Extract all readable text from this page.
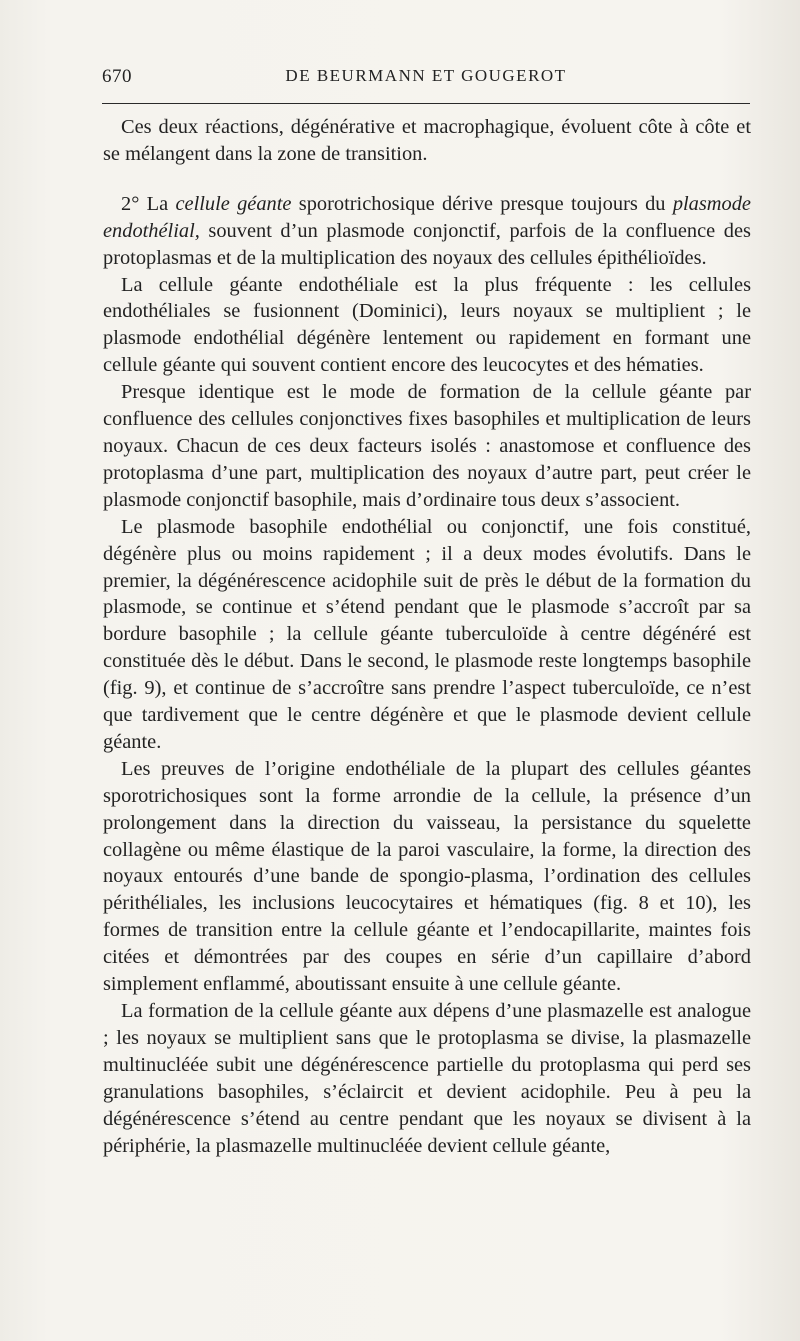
670	DE BEURMANN ET GOUGEROT

Ces deux réactions, dégénérative et macrophagique, évoluent côte à côte et se mélangent dans la zone de transition.

2° La cellule géante sporotrichosique dérive presque toujours du plasmode endothélial, souvent d’un plasmode conjonctif, parfois de la confluence des protoplasmas et de la multiplication des noyaux des cellules épithélioïdes.

La cellule géante endothéliale est la plus fréquente : les cellules endothéliales se fusionnent (Dominici), leurs noyaux se multiplient ; le plasmode endothélial dégénère lentement ou rapidement en formant une cellule géante qui souvent contient encore des leucocytes et des hématies.

Presque identique est le mode de formation de la cellule géante par confluence des cellules conjonctives fixes basophiles et multiplication de leurs noyaux. Chacun de ces deux facteurs isolés : anastomose et confluence des protoplasma d’une part, multiplication des noyaux d’autre part, peut créer le plasmode conjonctif basophile, mais d’ordinaire tous deux s’associent.

Le plasmode basophile endothélial ou conjonctif, une fois constitué, dégénère plus ou moins rapidement ; il a deux modes évolutifs. Dans le premier, la dégénérescence acidophile suit de près le début de la formation du plasmode, se continue et s’étend pendant que le plasmode s’accroît par sa bordure basophile ; la cellule géante tuberculoïde à centre dégénéré est constituée dès le début. Dans le second, le plasmode reste longtemps basophile (fig. 9), et continue de s’accroître sans prendre l’aspect tuberculoïde, ce n’est que tardivement que le centre dégénère et que le plasmode devient cellule géante.

Les preuves de l’origine endothéliale de la plupart des cellules géantes sporotrichosiques sont la forme arrondie de la cellule, la présence d’un prolongement dans la direction du vaisseau, la persistance du squelette collagène ou même élastique de la paroi vasculaire, la forme, la direction des noyaux entourés d’une bande de spongio-plasma, l’ordination des cellules périthéliales, les inclusions leucocytaires et hématiques (fig. 8 et 10), les formes de transition entre la cellule géante et l’endocapillarite, maintes fois citées et démontrées par des coupes en série d’un capillaire d’abord simplement enflammé, aboutissant ensuite à une cellule géante.

La formation de la cellule géante aux dépens d’une plasmazelle est analogue ; les noyaux se multiplient sans que le protoplasma se divise, la plasmazelle multinucléée subit une dégénérescence partielle du protoplasma qui perd ses granulations basophiles, s’éclaircit et devient acidophile. Peu à peu la dégénérescence s’étend au centre pendant que les noyaux se divisent à la périphérie, la plasmazelle multinucléée devient cellule géante,
